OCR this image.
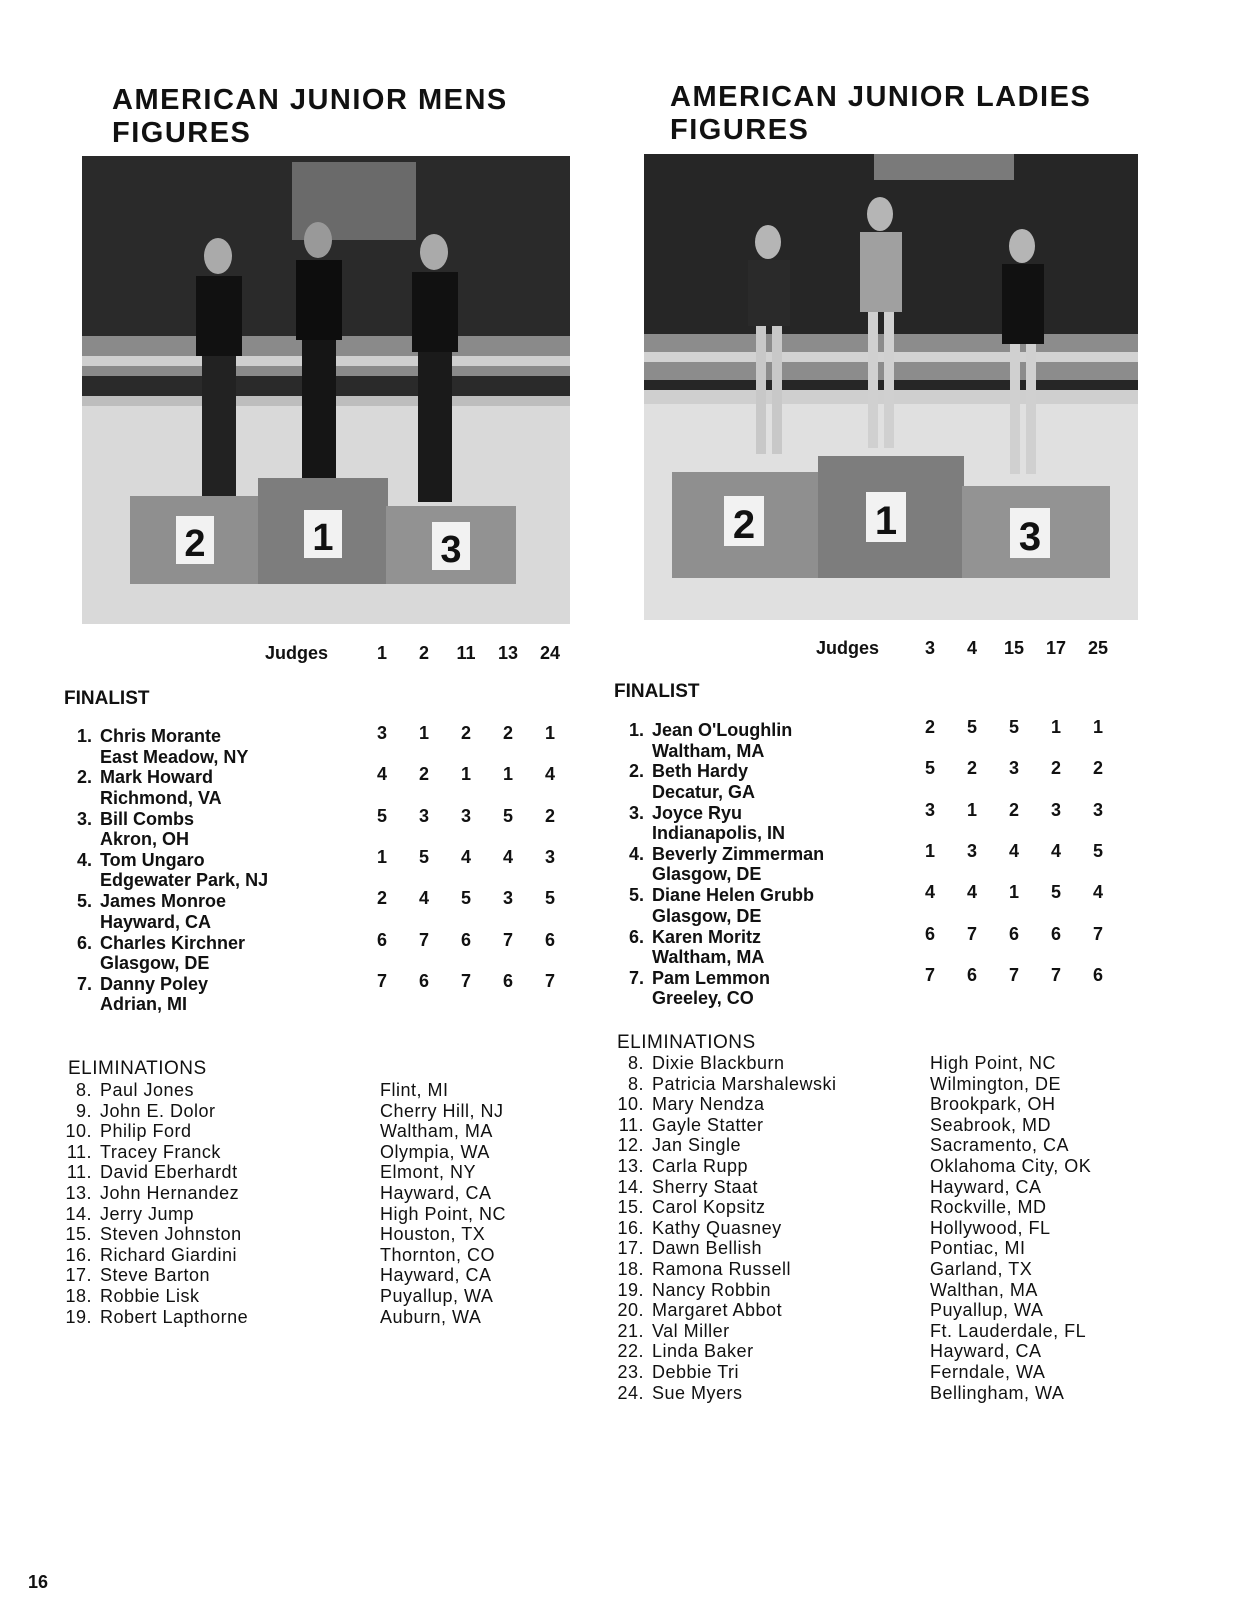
AMERICAN JUNIOR MENS

FIGURES

2	1	3
Judges	1	2	11	13	24
FINALIST
1. Chris Morante
East Meadow, NY
3	1	2	2	1
2. Mark Howard
Richmond, VA
4	2	1	1	4
3. Bill Combs
Akron, OH
5	3	3	5	2
4. Tom Ungaro
Edgewater Park, NJ
1	5	4	4	3
5. James Monroe
Hayward, CA
2	4	5	3	5
6. Charles Kirchner
Glasgow, DE
6	7	6	7	6
7. Danny Poley
Adrian, MI
7	6	7	6	7
ELIMINATIONS
8. Paul Jones	Flint, MI
9. John E. Dolor	Cherry Hill, NJ
10. Philip Ford	Waltham, MA
11. Tracey Franck	Olympia, WA
11. David Eberhardt	Elmont, NY
13. John Hernandez	Hayward, CA
14. Jerry Jump	High Point, NC
15. Steven Johnston	Houston, TX
16. Richard Giardini	Thornton, CO
17. Steve Barton	Hayward, CA
18. Robbie Lisk	Puyallup, WA
19. Robert Lapthorne	Auburn, WA

AMERICAN JUNIOR LADIES

FIGURES

2	1	3
Judges	3	4	15	17	25
FINALIST
1. Jean O'Loughlin
Waltham, MA
2	5	5	1	1
2. Beth Hardy
Decatur, GA
5	2	3	2	2
3. Joyce Ryu
Indianapolis, IN
3	1	2	3	3
4. Beverly Zimmerman
Glasgow, DE
1	3	4	4	5
5. Diane Helen Grubb
Glasgow, DE
4	4	1	5	4
6. Karen Moritz
Waltham, MA
6	7	6	6	7
7. Pam Lemmon
Greeley, CO
7	6	7	7	6
ELIMINATIONS
8. Dixie Blackburn	High Point, NC
8. Patricia Marshalewski	Wilmington, DE
10. Mary Nendza	Brookpark, OH
11. Gayle Statter	Seabrook, MD
12. Jan Single	Sacramento, CA
13. Carla Rupp	Oklahoma City, OK
14. Sherry Staat	Hayward, CA
15. Carol Kopsitz	Rockville, MD
16. Kathy Quasney	Hollywood, FL
17. Dawn Bellish	Pontiac, MI
18. Ramona Russell	Garland, TX
19. Nancy Robbin	Walthan, MA
20. Margaret Abbot	Puyallup, WA
21. Val Miller	Ft. Lauderdale, FL
22. Linda Baker	Hayward, CA
23. Debbie Tri	Ferndale, WA
24. Sue Myers	Bellingham, WA
16
